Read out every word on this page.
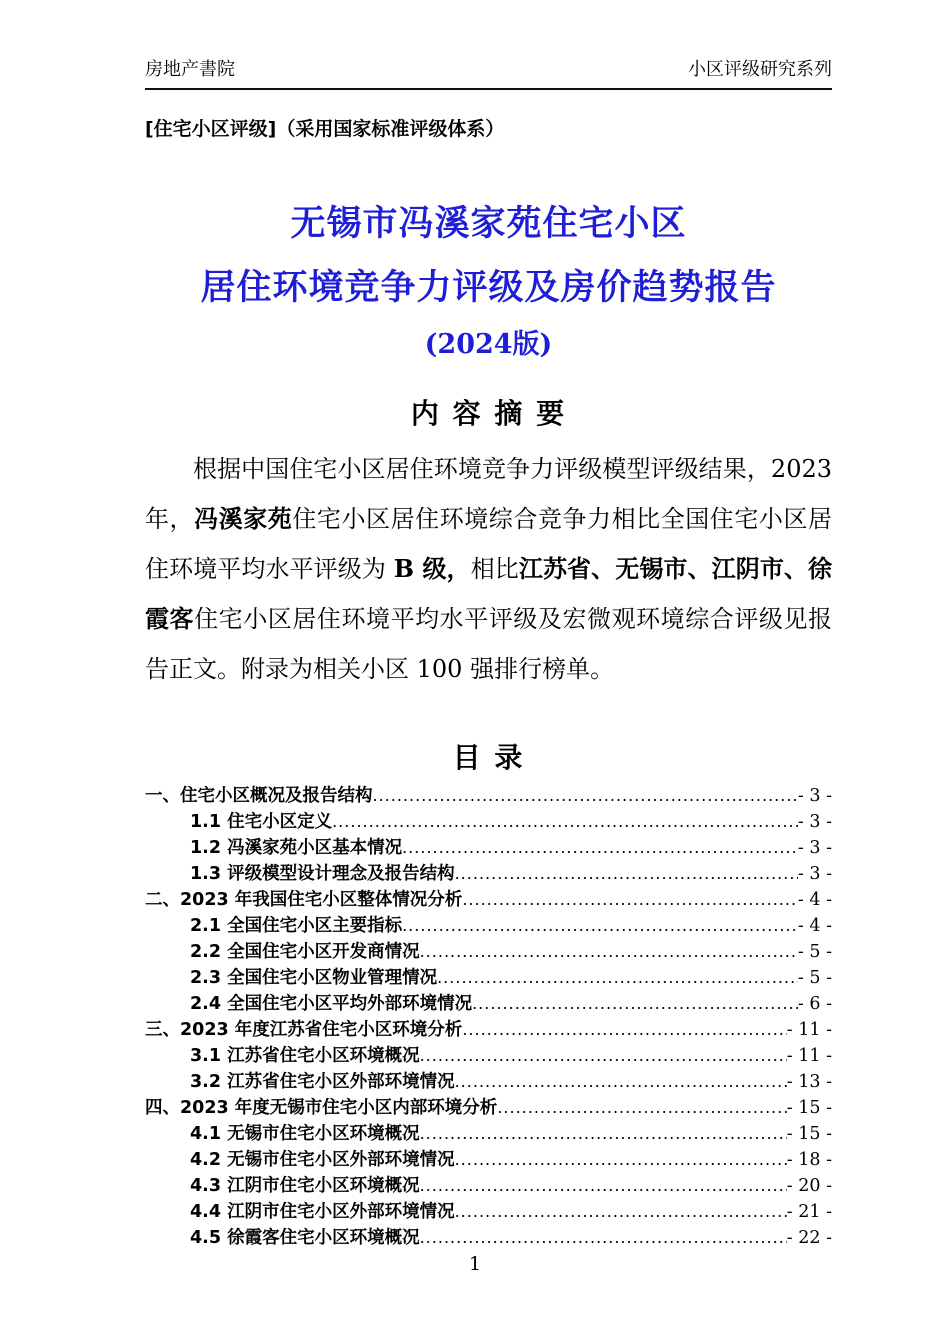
房地产書院	小区评级研究系列
[住宅小区评级]（采用国家标准评级体系）
无锡市冯溪家苑住宅小区
居住环境竞争力评级及房价趋势报告
(2024版)
内 容 摘 要

根据中国住宅小区居住环境竞争力评级模型评级结果，2023 年，冯溪家苑住宅小区居住环境综合竞争力相比全国住宅小区居住环境平均水平评级为 B 级，相比江苏省、无锡市、江阴市、徐霞客住宅小区居住环境平均水平评级及宏微观环境综合评级见报告正文。附录为相关小区 100 强排行榜单。

目 录
一、住宅小区概况及报告结构 .....	- 3 -
1.1 住宅小区定义 .....	- 3 -
1.2 冯溪家苑小区基本情况 .....	- 3 -
1.3 评级模型设计理念及报告结构 .....	- 3 -
二、2023 年我国住宅小区整体情况分析 .....	- 4 -
2.1 全国住宅小区主要指标 .....	- 4 -
2.2 全国住宅小区开发商情况 .....	- 5 -
2.3 全国住宅小区物业管理情况 .....	- 5 -
2.4 全国住宅小区平均外部环境情况 .....	- 6 -
三、2023 年度江苏省住宅小区环境分析 .....	- 11 -
3.1 江苏省住宅小区环境概况 .....	- 11 -
3.2 江苏省住宅小区外部环境情况 .....	- 13 -
四、2023 年度无锡市住宅小区内部环境分析 .....	- 15 -
4.1 无锡市住宅小区环境概况 .....	- 15 -
4.2 无锡市住宅小区外部环境情况 .....	- 18 -
4.3 江阴市住宅小区环境概况 .....	- 20 -
4.4 江阴市住宅小区外部环境情况 .....	- 21 -
4.5 徐霞客住宅小区环境概况 .....	- 22 -
1
